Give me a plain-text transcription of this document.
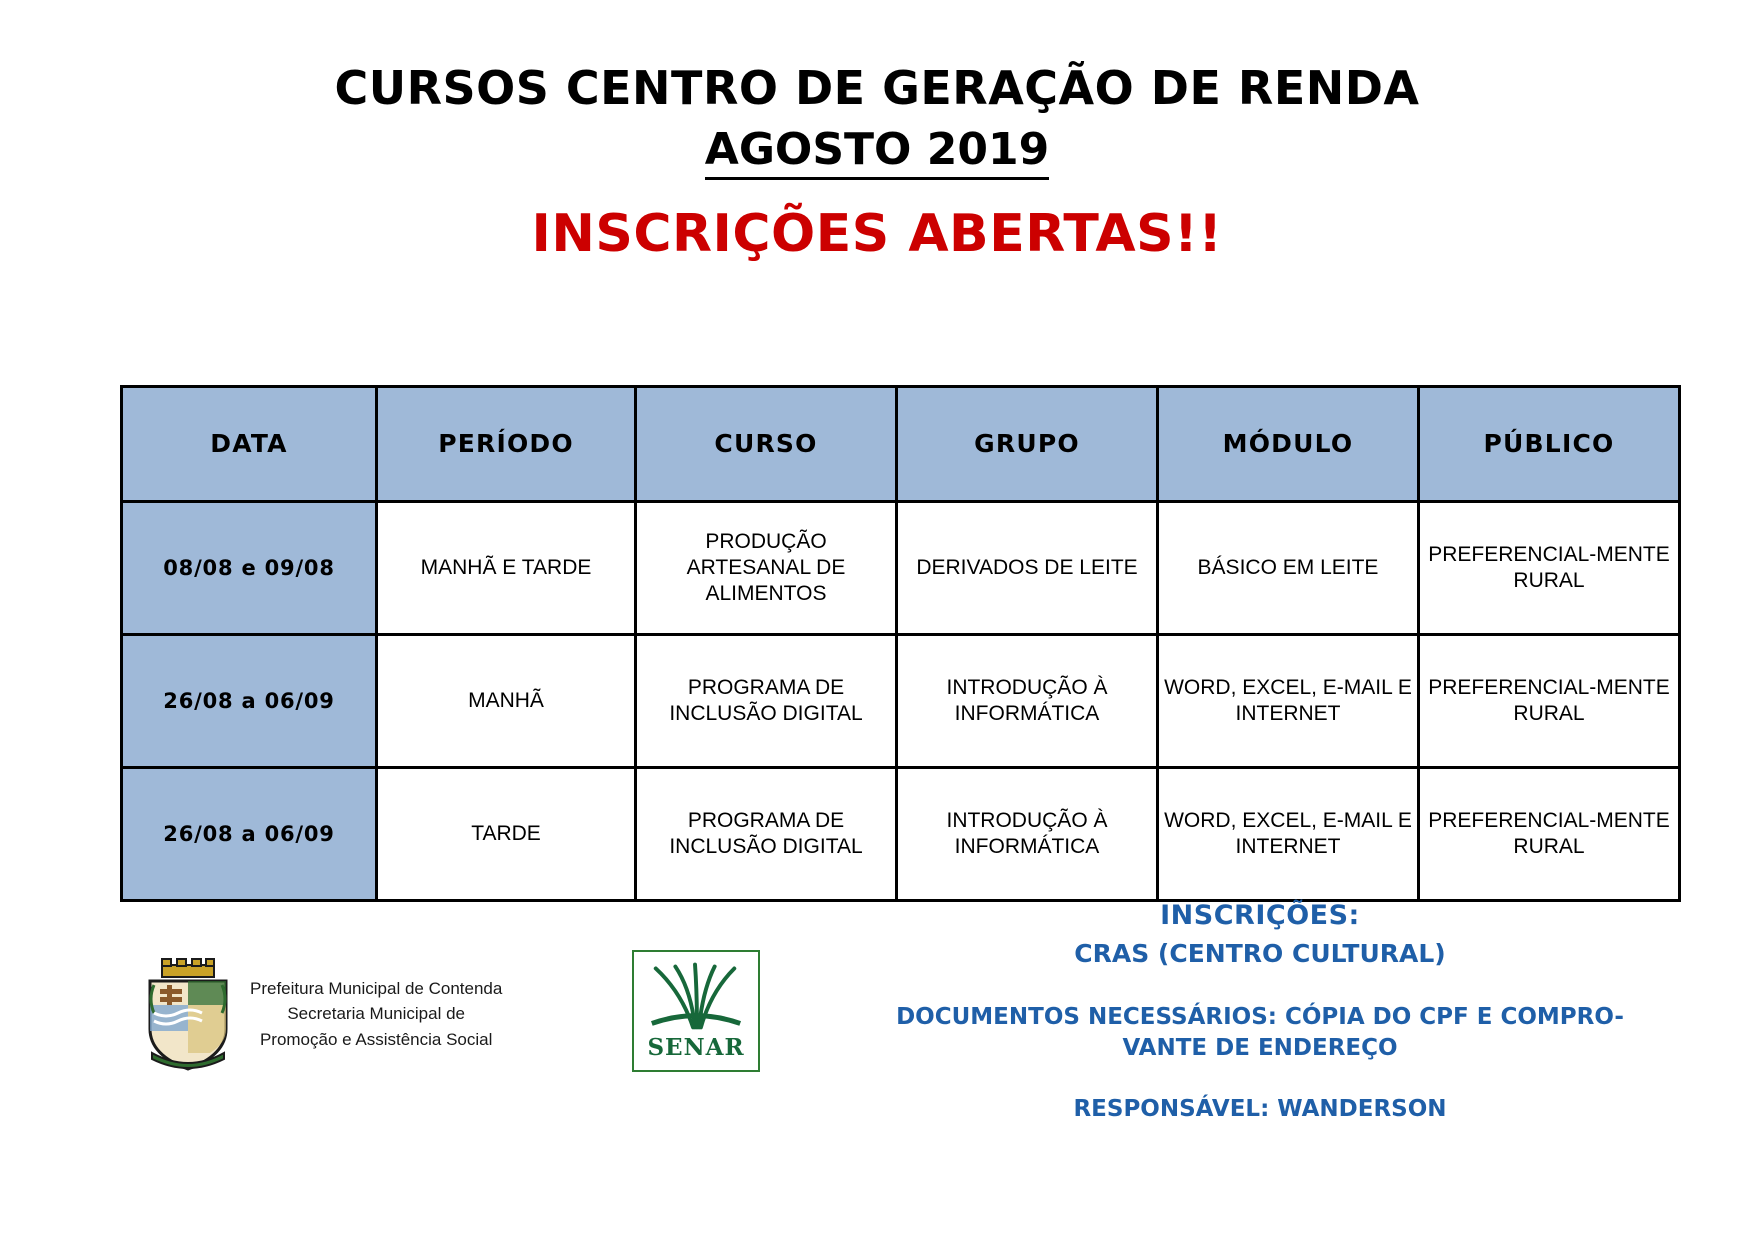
CURSOS CENTRO DE GERAÇÃO DE RENDA
AGOSTO 2019
INSCRIÇÕES ABERTAS!!
DATA	PERÍODO	CURSO	GRUPO	MÓDULO	PÚBLICO
08/08 e 09/08	MANHÃ E TARDE	PRODUÇÃO ARTESANAL DE ALIMENTOS	DERIVADOS DE LEITE	BÁSICO EM LEITE	PREFERENCIAL-MENTE RURAL
26/08 a 06/09	MANHÃ	PROGRAMA DE INCLUSÃO DIGITAL	INTRODUÇÃO À INFORMÁTICA	WORD, EXCEL, E-MAIL E INTERNET	PREFERENCIAL-MENTE RURAL
26/08 a 06/09	TARDE	PROGRAMA DE INCLUSÃO DIGITAL	INTRODUÇÃO À INFORMÁTICA	WORD, EXCEL, E-MAIL E INTERNET	PREFERENCIAL-MENTE RURAL
Prefeitura Municipal de Contenda
Secretaria Municipal de
Promoção e Assistência Social	SENAR
INSCRIÇÕES:
CRAS (CENTRO CULTURAL)
DOCUMENTOS NECESSÁRIOS: CÓPIA DO CPF E COMPRO-VANTE DE ENDEREÇO
RESPONSÁVEL: WANDERSON
